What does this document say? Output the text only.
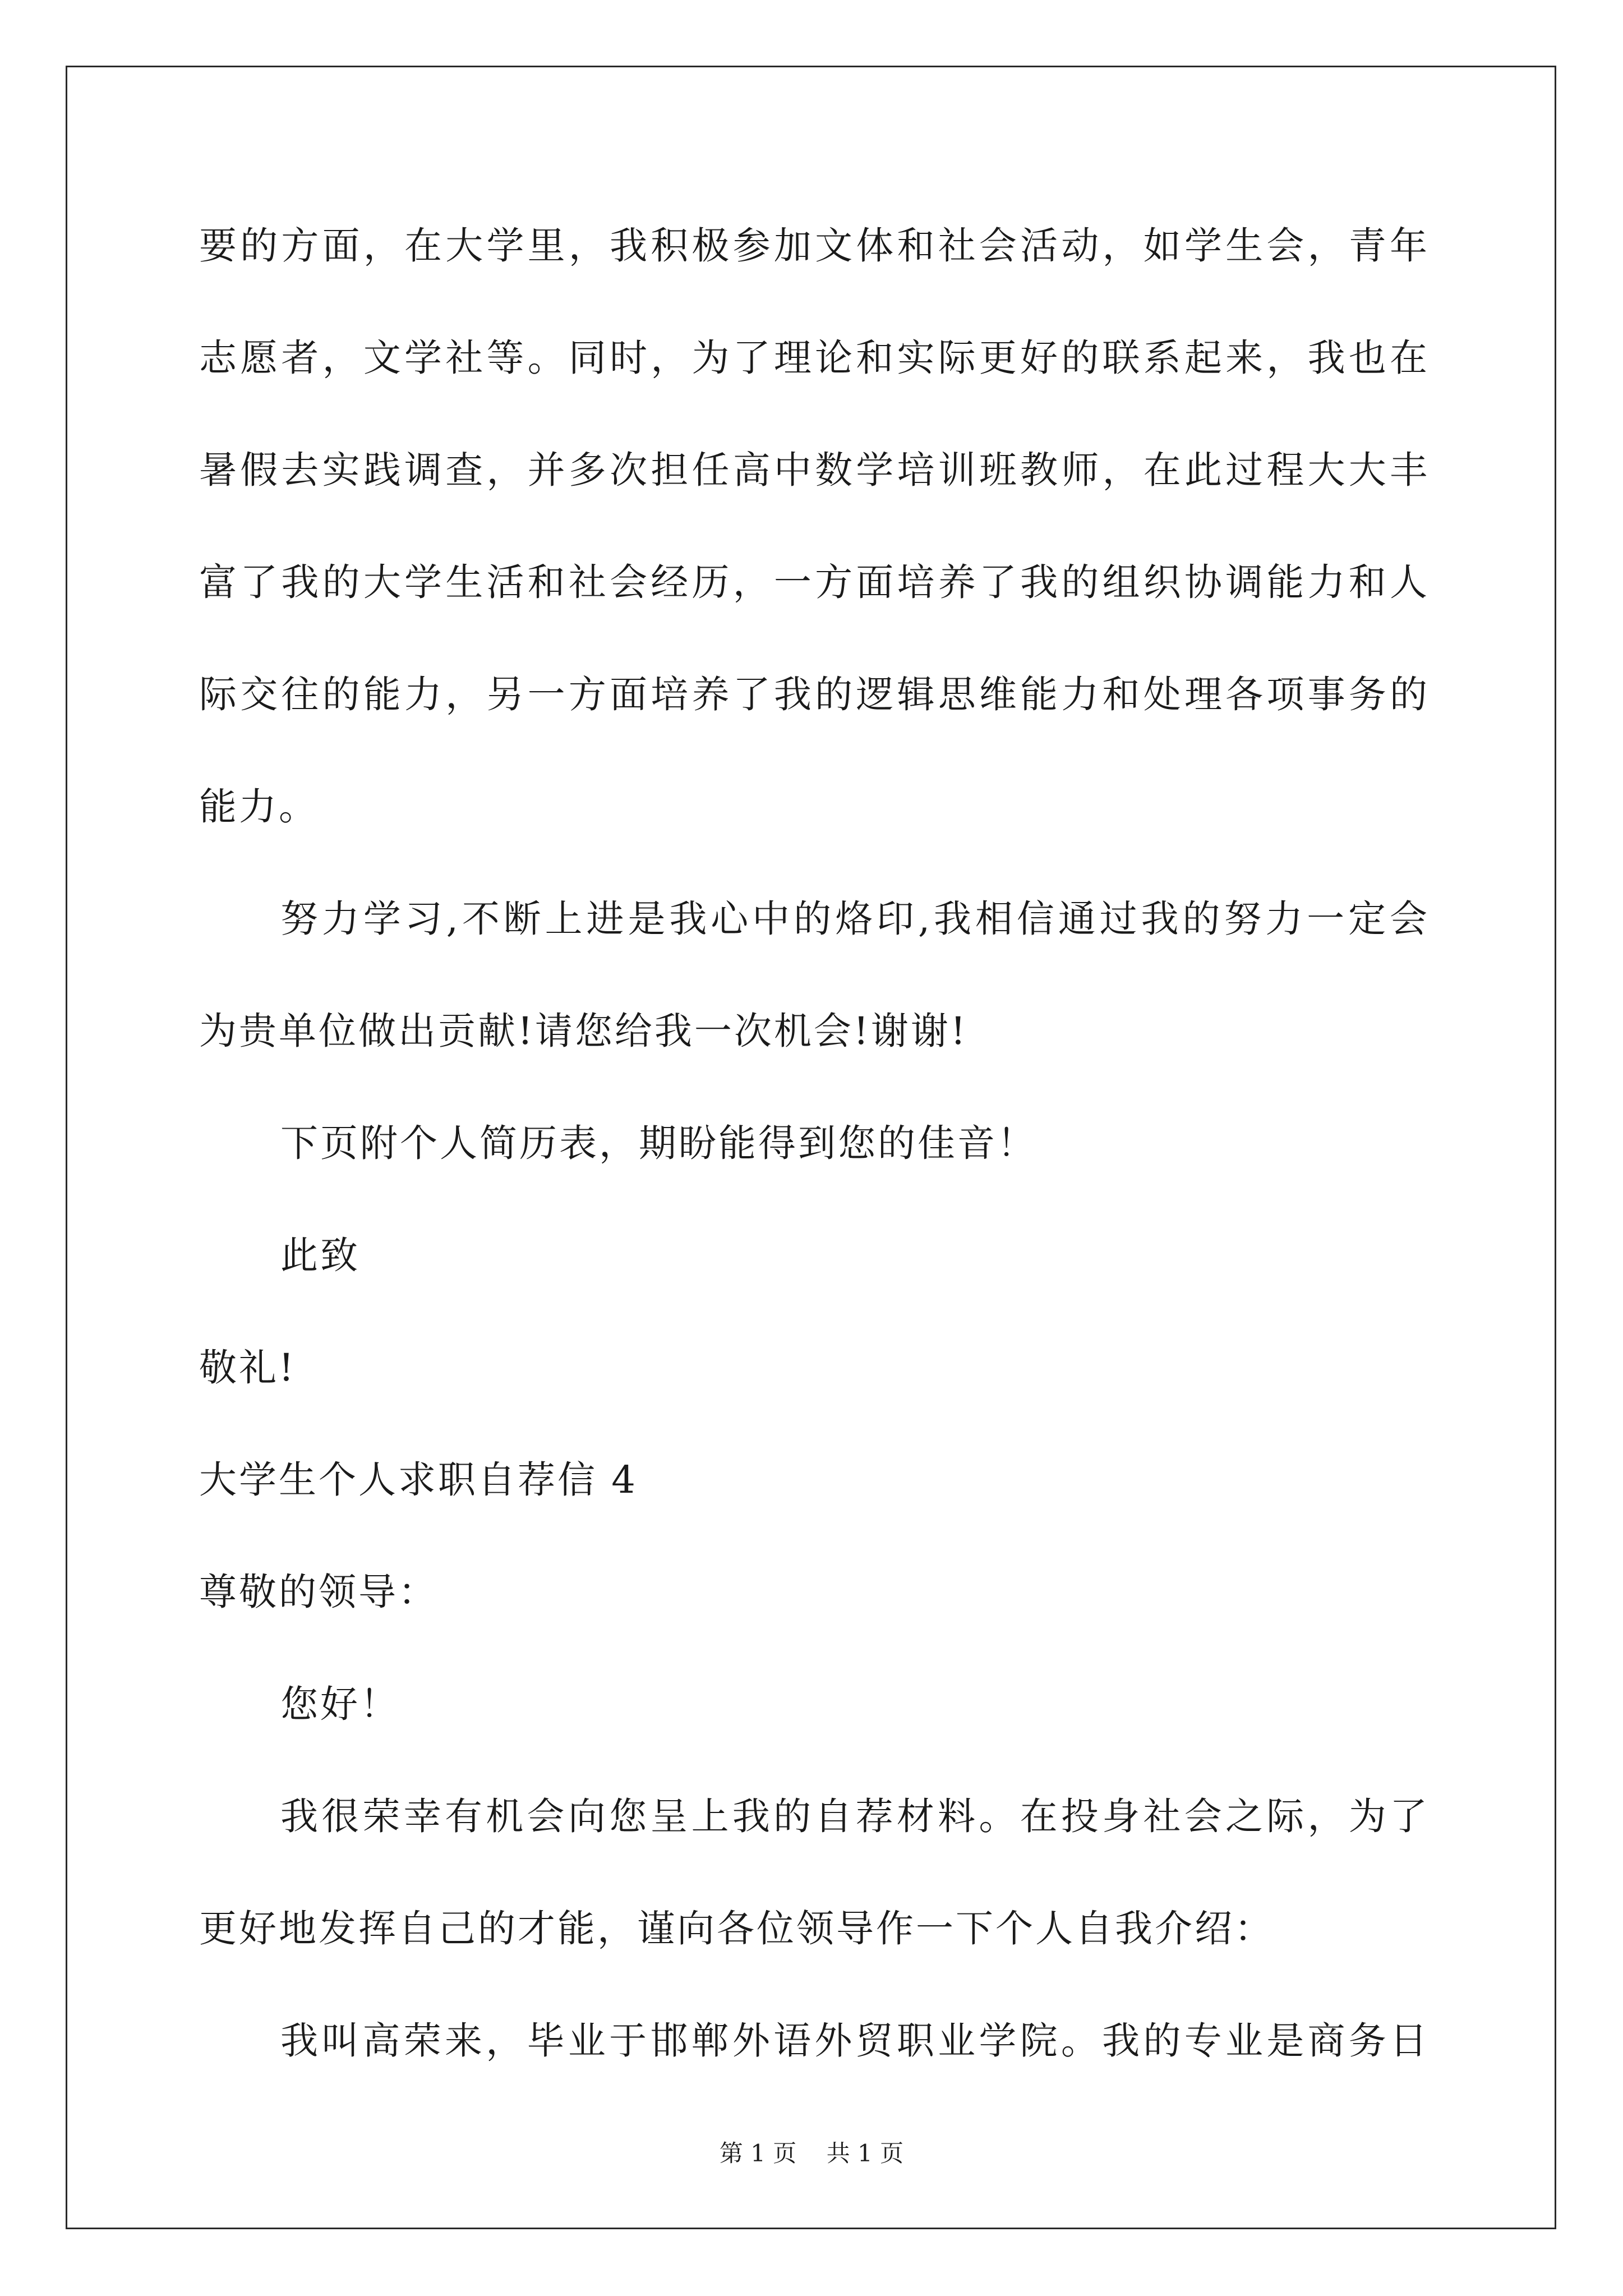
要的方面，在大学里，我积极参加文体和社会活动，如学生会，青年
志愿者，文学社等。同时，为了理论和实际更好的联系起来，我也在
暑假去实践调查，并多次担任高中数学培训班教师，在此过程大大丰
富了我的大学生活和社会经历，一方面培养了我的组织协调能力和人
际交往的能力，另一方面培养了我的逻辑思维能力和处理各项事务的
能力。
努力学习,不断上进是我心中的烙印,我相信通过我的努力一定会
为贵单位做出贡献!请您给我一次机会!谢谢!
下页附个人简历表，期盼能得到您的佳音！
此致
敬礼!
大学生个人求职自荐信 4
尊敬的领导：
您好！
我很荣幸有机会向您呈上我的自荐材料。在投身社会之际，为了
更好地发挥自己的才能，谨向各位领导作一下个人自我介绍：
我叫高荣来，毕业于邯郸外语外贸职业学院。我的专业是商务日
第 1 页    共 1 页
